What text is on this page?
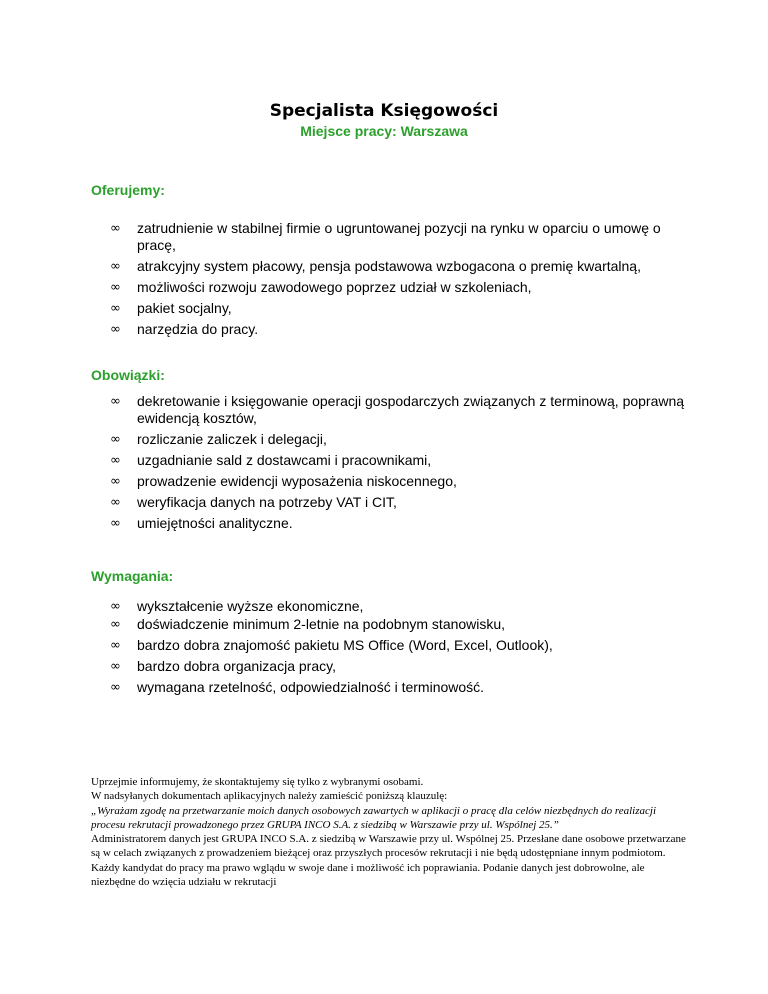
Specjalista Księgowości
Miejsce pracy: Warszawa
Oferujemy:
∞ zatrudnienie w stabilnej firmie o ugruntowanej pozycji na rynku w oparciu o umowę o pracę,
∞ atrakcyjny system płacowy, pensja podstawowa wzbogacona o premię kwartalną,
∞ możliwości rozwoju zawodowego poprzez udział w szkoleniach,
∞ pakiet socjalny,
∞ narzędzia do pracy.
Obowiązki:
∞ dekretowanie i księgowanie operacji gospodarczych związanych z terminową, poprawną ewidencją kosztów,
∞ rozliczanie zaliczek i delegacji,
∞ uzgadnianie sald z dostawcami i pracownikami,
∞ prowadzenie ewidencji wyposażenia niskocennego,
∞ weryfikacja danych na potrzeby VAT i CIT,
∞ umiejętności analityczne.
Wymagania:
∞ wykształcenie wyższe ekonomiczne,
∞ doświadczenie minimum 2-letnie na podobnym stanowisku,
∞ bardzo dobra znajomość pakietu MS Office (Word, Excel, Outlook),
∞ bardzo dobra organizacja pracy,
∞ wymagana rzetelność, odpowiedzialność i terminowość.

Uprzejmie informujemy, że skontaktujemy się tylko z wybranymi osobami.

W nadsyłanych dokumentach aplikacyjnych należy zamieścić poniższą klauzulę:

„Wyrażam zgodę na przetwarzanie moich danych osobowych zawartych w aplikacji o pracę dla celów niezbędnych do realizacji procesu rekrutacji prowadzonego przez GRUPA INCO S.A. z siedzibą w Warszawie przy ul. Wspólnej 25.”

Administratorem danych jest GRUPA INCO S.A. z siedzibą w Warszawie przy ul. Wspólnej 25. Przesłane dane osobowe przetwarzane są w celach związanych z prowadzeniem bieżącej oraz przyszłych procesów rekrutacji i nie będą udostępniane innym podmiotom. Każdy kandydat do pracy ma prawo wglądu w swoje dane i możliwość ich poprawiania. Podanie danych jest dobrowolne, ale niezbędne do wzięcia udziału w rekrutacji
